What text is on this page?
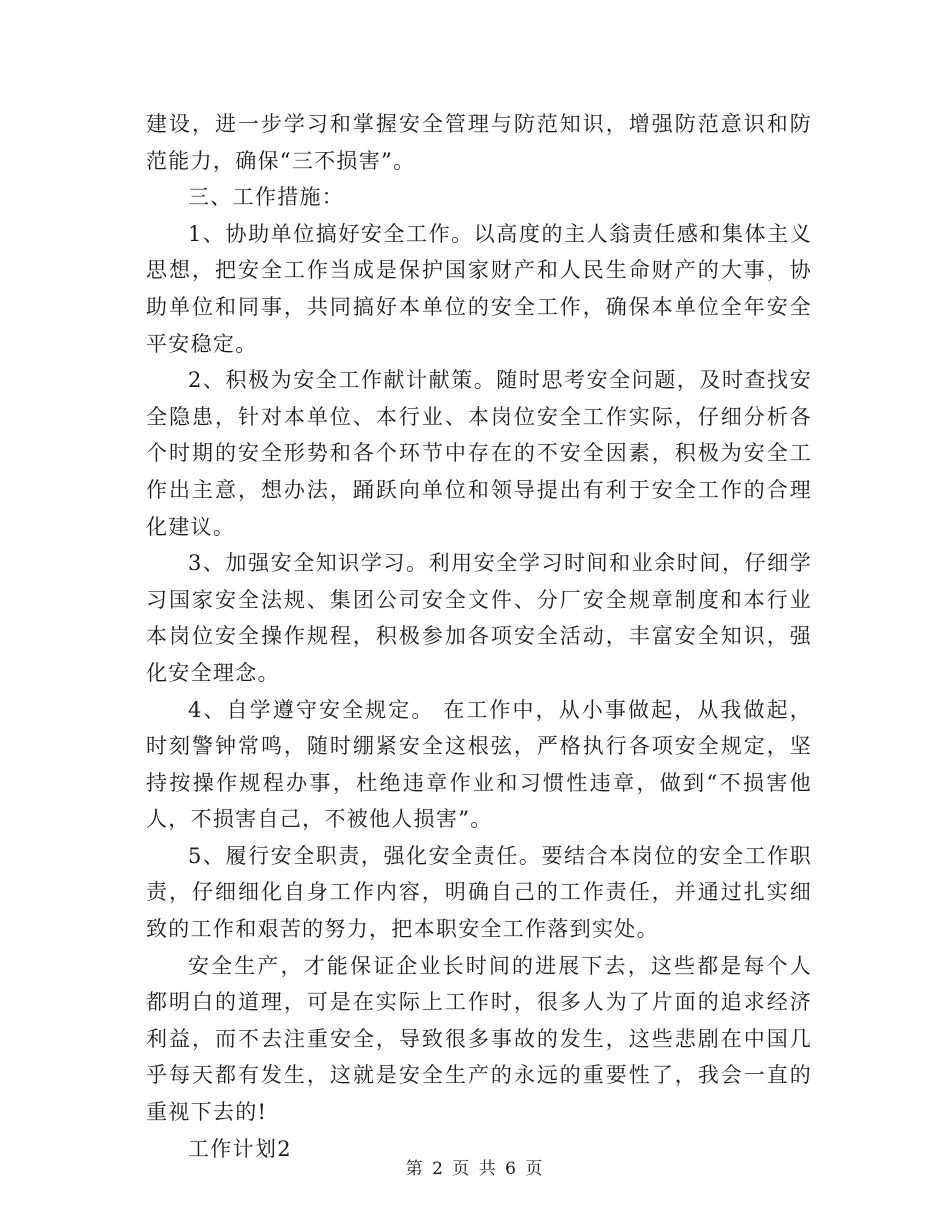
建设，进一步学习和掌握安全管理与防范知识，增强防范意识和防范能力，确保“三不损害”。

三、工作措施：

1、协助单位搞好安全工作。以高度的主人翁责任感和集体主义思想，把安全工作当成是保护国家财产和人民生命财产的大事，协助单位和同事，共同搞好本单位的安全工作，确保本单位全年安全平安稳定。

2、积极为安全工作献计献策。随时思考安全问题，及时查找安全隐患，针对本单位、本行业、本岗位安全工作实际，仔细分析各个时期的安全形势和各个环节中存在的不安全因素，积极为安全工作出主意，想办法，踊跃向单位和领导提出有利于安全工作的合理化建议。

3、加强安全知识学习。利用安全学习时间和业余时间，仔细学习国家安全法规、集团公司安全文件、分厂安全规章制度和本行业本岗位安全操作规程，积极参加各项安全活动，丰富安全知识，强化安全理念。

4、自学遵守安全规定。 在工作中，从小事做起，从我做起，时刻警钟常鸣，随时绷紧安全这根弦，严格执行各项安全规定，坚持按操作规程办事，杜绝违章作业和习惯性违章，做到“不损害他人，不损害自己，不被他人损害”。

5、履行安全职责，强化安全责任。要结合本岗位的安全工作职责，仔细细化自身工作内容，明确自己的工作责任，并通过扎实细致的工作和艰苦的努力，把本职安全工作落到实处。

安全生产，才能保证企业长时间的进展下去，这些都是每个人都明白的道理，可是在实际上工作时，很多人为了片面的追求经济利益，而不去注重安全，导致很多事故的发生，这些悲剧在中国几乎每天都有发生，这就是安全生产的永远的重要性了，我会一直的重视下去的!

工作计划2

第 2 页 共 6 页
